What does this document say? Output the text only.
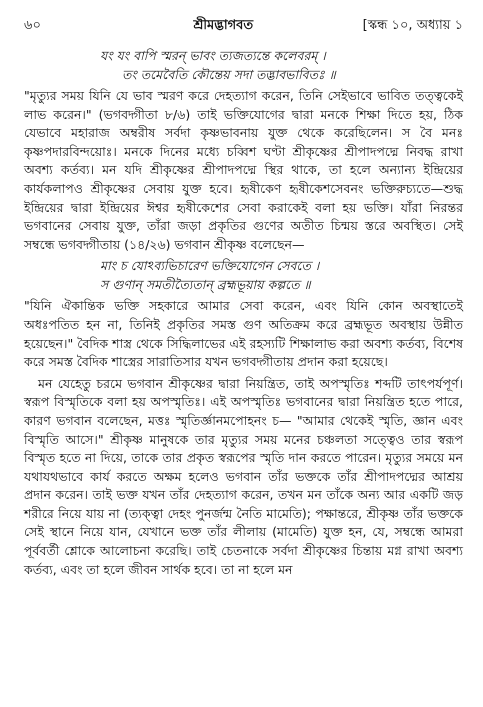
৬০	শ্রীমদ্ভাগবত	[স্কন্ধ ১০, অধ্যায় ১
যং যং বাপি স্মরন্ ভাবং ত্যজত্যন্তে কলেবরম্ ।
তং তমেবৈতি কৌন্তেয় সদা তদ্ভাবভাবিতঃ ॥

"মৃত্যুর সময় যিনি যে ভাব স্মরণ করে দেহত্যাগ করেন, তিনি সেইভাবে ভাবিত তত্ত্বকেই লাভ করেন।" (ভগবদ্গীতা ৮/৬) তাই ভক্তিযোগের দ্বারা মনকে শিক্ষা দিতে হয়, ঠিক যেভাবে মহারাজ অম্বরীষ সর্বদা কৃষ্ণভাবনায় যুক্ত থেকে করেছিলেন। স বৈ মনঃ কৃষ্ণপদারবিন্দয়োঃ। মনকে দিনের মধ্যে চব্বিশ ঘণ্টা শ্রীকৃষ্ণের শ্রীপাদপদ্মে নিবদ্ধ রাখা অবশ্য কর্তব্য। মন যদি শ্রীকৃষ্ণের শ্রীপাদপদ্মে স্থির থাকে, তা হলে অন্যান্য ইন্দ্রিয়ের কার্যকলাপও শ্রীকৃষ্ণের সেবায় যুক্ত হবে। হৃষীকেণ হৃষীকেশসেবনং ভক্তিরুচ্যতে—শুদ্ধ ইন্দ্রিয়ের দ্বারা ইন্দ্রিয়ের ঈশ্বর হৃষীকেশের সেবা করাকেই বলা হয় ভক্তি। যাঁরা নিরন্তর ভগবানের সেবায় যুক্ত, তাঁরা জড়া প্রকৃতির গুণের অতীত চিন্ময় স্তরে অবস্থিত। সেই সম্বন্ধে ভগবদ্গীতায় (১৪/২৬) ভগবান শ্রীকৃষ্ণ বলেছেন—

মাং চ যোঽব্যভিচারেণ ভক্তিযোগেন সেবতে ।
স গুণান্ সমতীত্যৈতান্ ব্রহ্মভূয়ায় কল্পতে ॥

"যিনি ঐকান্তিক ভক্তি সহকারে আমার সেবা করেন, এবং যিনি কোন অবস্থাতেই অধঃপতিত হন না, তিনিই প্রকৃতির সমস্ত গুণ অতিক্রম করে ব্রহ্মভূত অবস্থায় উন্নীত হয়েছেন।" বৈদিক শাস্ত্র থেকে সিদ্ধিলাভের এই রহস্যটি শিক্ষালাভ করা অবশ্য কর্তব্য, বিশেষ করে সমস্ত বৈদিক শাস্ত্রের সারাতিসার যখন ভগবদ্গীতায় প্রদান করা হয়েছে।

মন যেহেতু চরমে ভগবান শ্রীকৃষ্ণের দ্বারা নিয়ন্ত্রিত, তাই অপস্মৃতিঃ শব্দটি তাৎপর্যপূর্ণ। স্বরূপ বিস্মৃতিকে বলা হয় অপস্মৃতিঃ। এই অপস্মৃতিঃ ভগবানের দ্বারা নিয়ন্ত্রিত হতে পারে, কারণ ভগবান বলেছেন, মত্তঃ স্মৃতির্জ্ঞানমপোহনং চ— "আমার থেকেই স্মৃতি, জ্ঞান এবং বিস্মৃতি আসে।" শ্রীকৃষ্ণ মানুষকে তার মৃত্যুর সময় মনের চঞ্চলতা সত্ত্বেও তার স্বরূপ বিস্মৃত হতে না দিয়ে, তাকে তার প্রকৃত স্বরূপের স্মৃতি দান করতে পারেন। মৃত্যুর সময়ে মন যথাযথভাবে কার্য করতে অক্ষম হলেও ভগবান তাঁর ভক্তকে তাঁর শ্রীপাদপদ্মের আশ্রয় প্রদান করেন। তাই ভক্ত যখন তাঁর দেহত্যাগ করেন, তখন মন তাঁকে অন্য আর একটি জড় শরীরে নিয়ে যায় না (ত্যক্ত্বা দেহং পুনর্জন্ম নৈতি মামেতি); পক্ষান্তরে, শ্রীকৃষ্ণ তাঁর ভক্তকে সেই স্থানে নিয়ে যান, যেখানে ভক্ত তাঁর লীলায় (মামেতি) যুক্ত হন, যে, সম্বন্ধে আমরা পূর্ববর্তী শ্লোকে আলোচনা করেছি। তাই চেতনাকে সর্বদা শ্রীকৃষ্ণের চিন্তায় মগ্ন রাখা অবশ্য কর্তব্য, এবং তা হলে জীবন সার্থক হবে। তা না হলে মন
